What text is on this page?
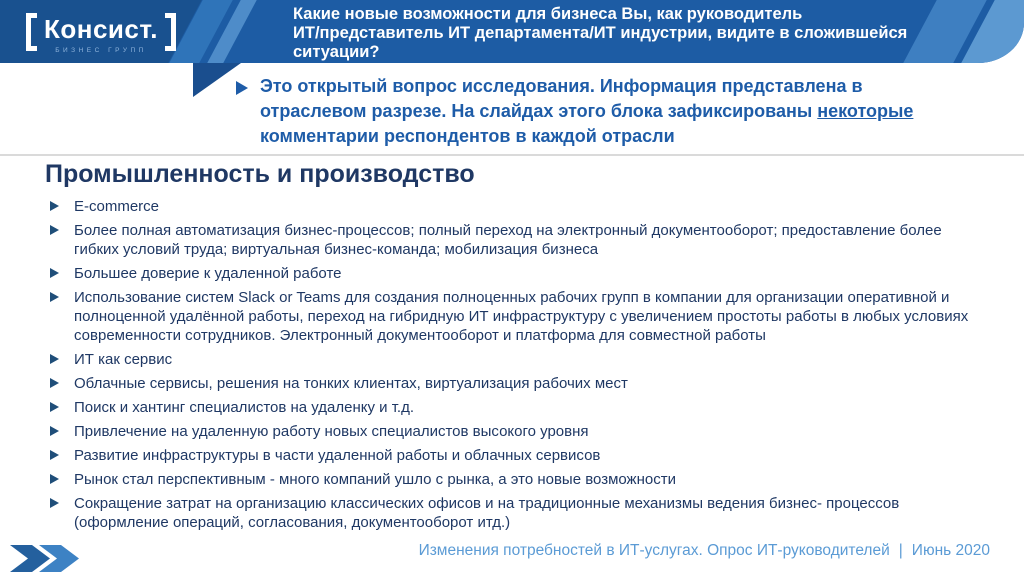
Консист.
БИЗНЕС ГРУПП
Какие новые возможности для бизнеса Вы, как руководитель
ИТ/представитель ИТ департамента/ИТ индустрии, видите в сложившейся
ситуации?
Это открытый вопрос исследования. Информация представлена в
отраслевом разрезе. На слайдах этого блока зафиксированы некоторые
комментарии респондентов в каждой отрасли
Промышленность и производство
E-commerce
Более полная автоматизация бизнес-процессов; полный переход на электронный документооборот; предоставление более гибких условий труда; виртуальная бизнес-команда; мобилизация бизнеса
Большее доверие к удаленной работе
Использование систем Slack or Teams для создания полноценных рабочих групп в компании для организации оперативной и полноценной удалённой работы, переход на гибридную ИТ инфраструктуру с увеличением простоты работы в любых условиях современности сотрудников. Электронный документооборот и платформа для совместной работы
ИТ как сервис
Облачные сервисы, решения на тонких клиентах, виртуализация рабочих мест
Поиск и хантинг специалистов на удаленку и т.д.
Привлечение на удаленную работу новых специалистов высокого уровня
Развитие инфраструктуры в части удаленной работы и облачных сервисов
Рынок стал перспективным - много компаний ушло с рынка, а это новые возможности
Сокращение затрат на организацию классических офисов и на традиционные механизмы ведения бизнес- процессов (оформление операций, согласования, документооборот итд.)
Изменения потребностей в ИТ-услугах. Опрос ИТ-руководителей | Июнь 2020
